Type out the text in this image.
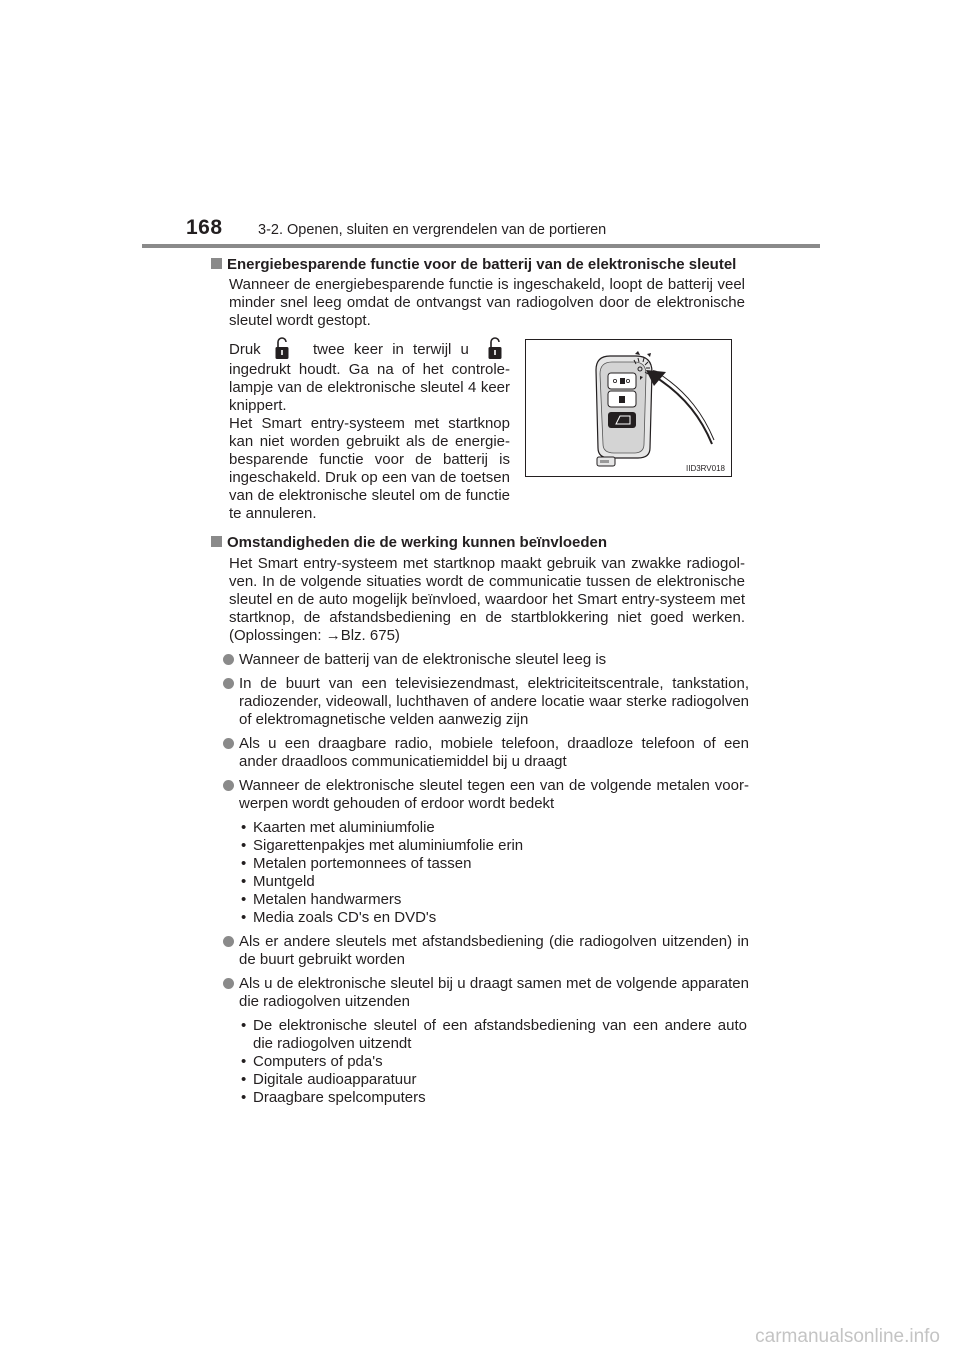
168 3-2. Openen, sluiten en vergrendelen van de portieren
Energiebesparende functie voor de batterij van de elektronische sleutel
Wanneer de energiebesparende functie is ingeschakeld, loopt de batterij veel minder snel leeg omdat de ontvangst van radiogolven door de elektronische sleutel wordt gestopt.
Druk	twee keer in terwijl u
ingedrukt houdt. Ga na of het controlelampje van de elektronische sleutel 4 keer knippert.
Het Smart entry-systeem met startknop kan niet worden gebruikt als de energiebesparende functie voor de batterij is ingeschakeld. Druk op een van de toetsen van de elektronische sleutel om de functie te annuleren.
IID3RV018
Omstandigheden die de werking kunnen beïnvloeden
Het Smart entry-systeem met startknop maakt gebruik van zwakke radiogolven. In de volgende situaties wordt de communicatie tussen de elektronische sleutel en de auto mogelijk beïnvloed, waardoor het Smart entry-systeem met startknop, de afstandsbediening en de startblokkering niet goed werken. (Oplossingen: →Blz. 675)
Wanneer de batterij van de elektronische sleutel leeg is
In de buurt van een televisiezendmast, elektriciteitscentrale, tankstation, radiozender, videowall, luchthaven of andere locatie waar sterke radiogolven of elektromagnetische velden aanwezig zijn
Als u een draagbare radio, mobiele telefoon, draadloze telefoon of een ander draadloos communicatiemiddel bij u draagt
Wanneer de elektronische sleutel tegen een van de volgende metalen voorwerpen wordt gehouden of erdoor wordt bedekt
• Kaarten met aluminiumfolie
• Sigarettenpakjes met aluminiumfolie erin
• Metalen portemonnees of tassen
• Muntgeld
• Metalen handwarmers
• Media zoals CD's en DVD's
Als er andere sleutels met afstandsbediening (die radiogolven uitzenden) in de buurt gebruikt worden
Als u de elektronische sleutel bij u draagt samen met de volgende apparaten die radiogolven uitzenden
• De elektronische sleutel of een afstandsbediening van een andere auto die radiogolven uitzendt
• Computers of pda's
• Digitale audioapparatuur
• Draagbare spelcomputers
carmanualsonline.info
